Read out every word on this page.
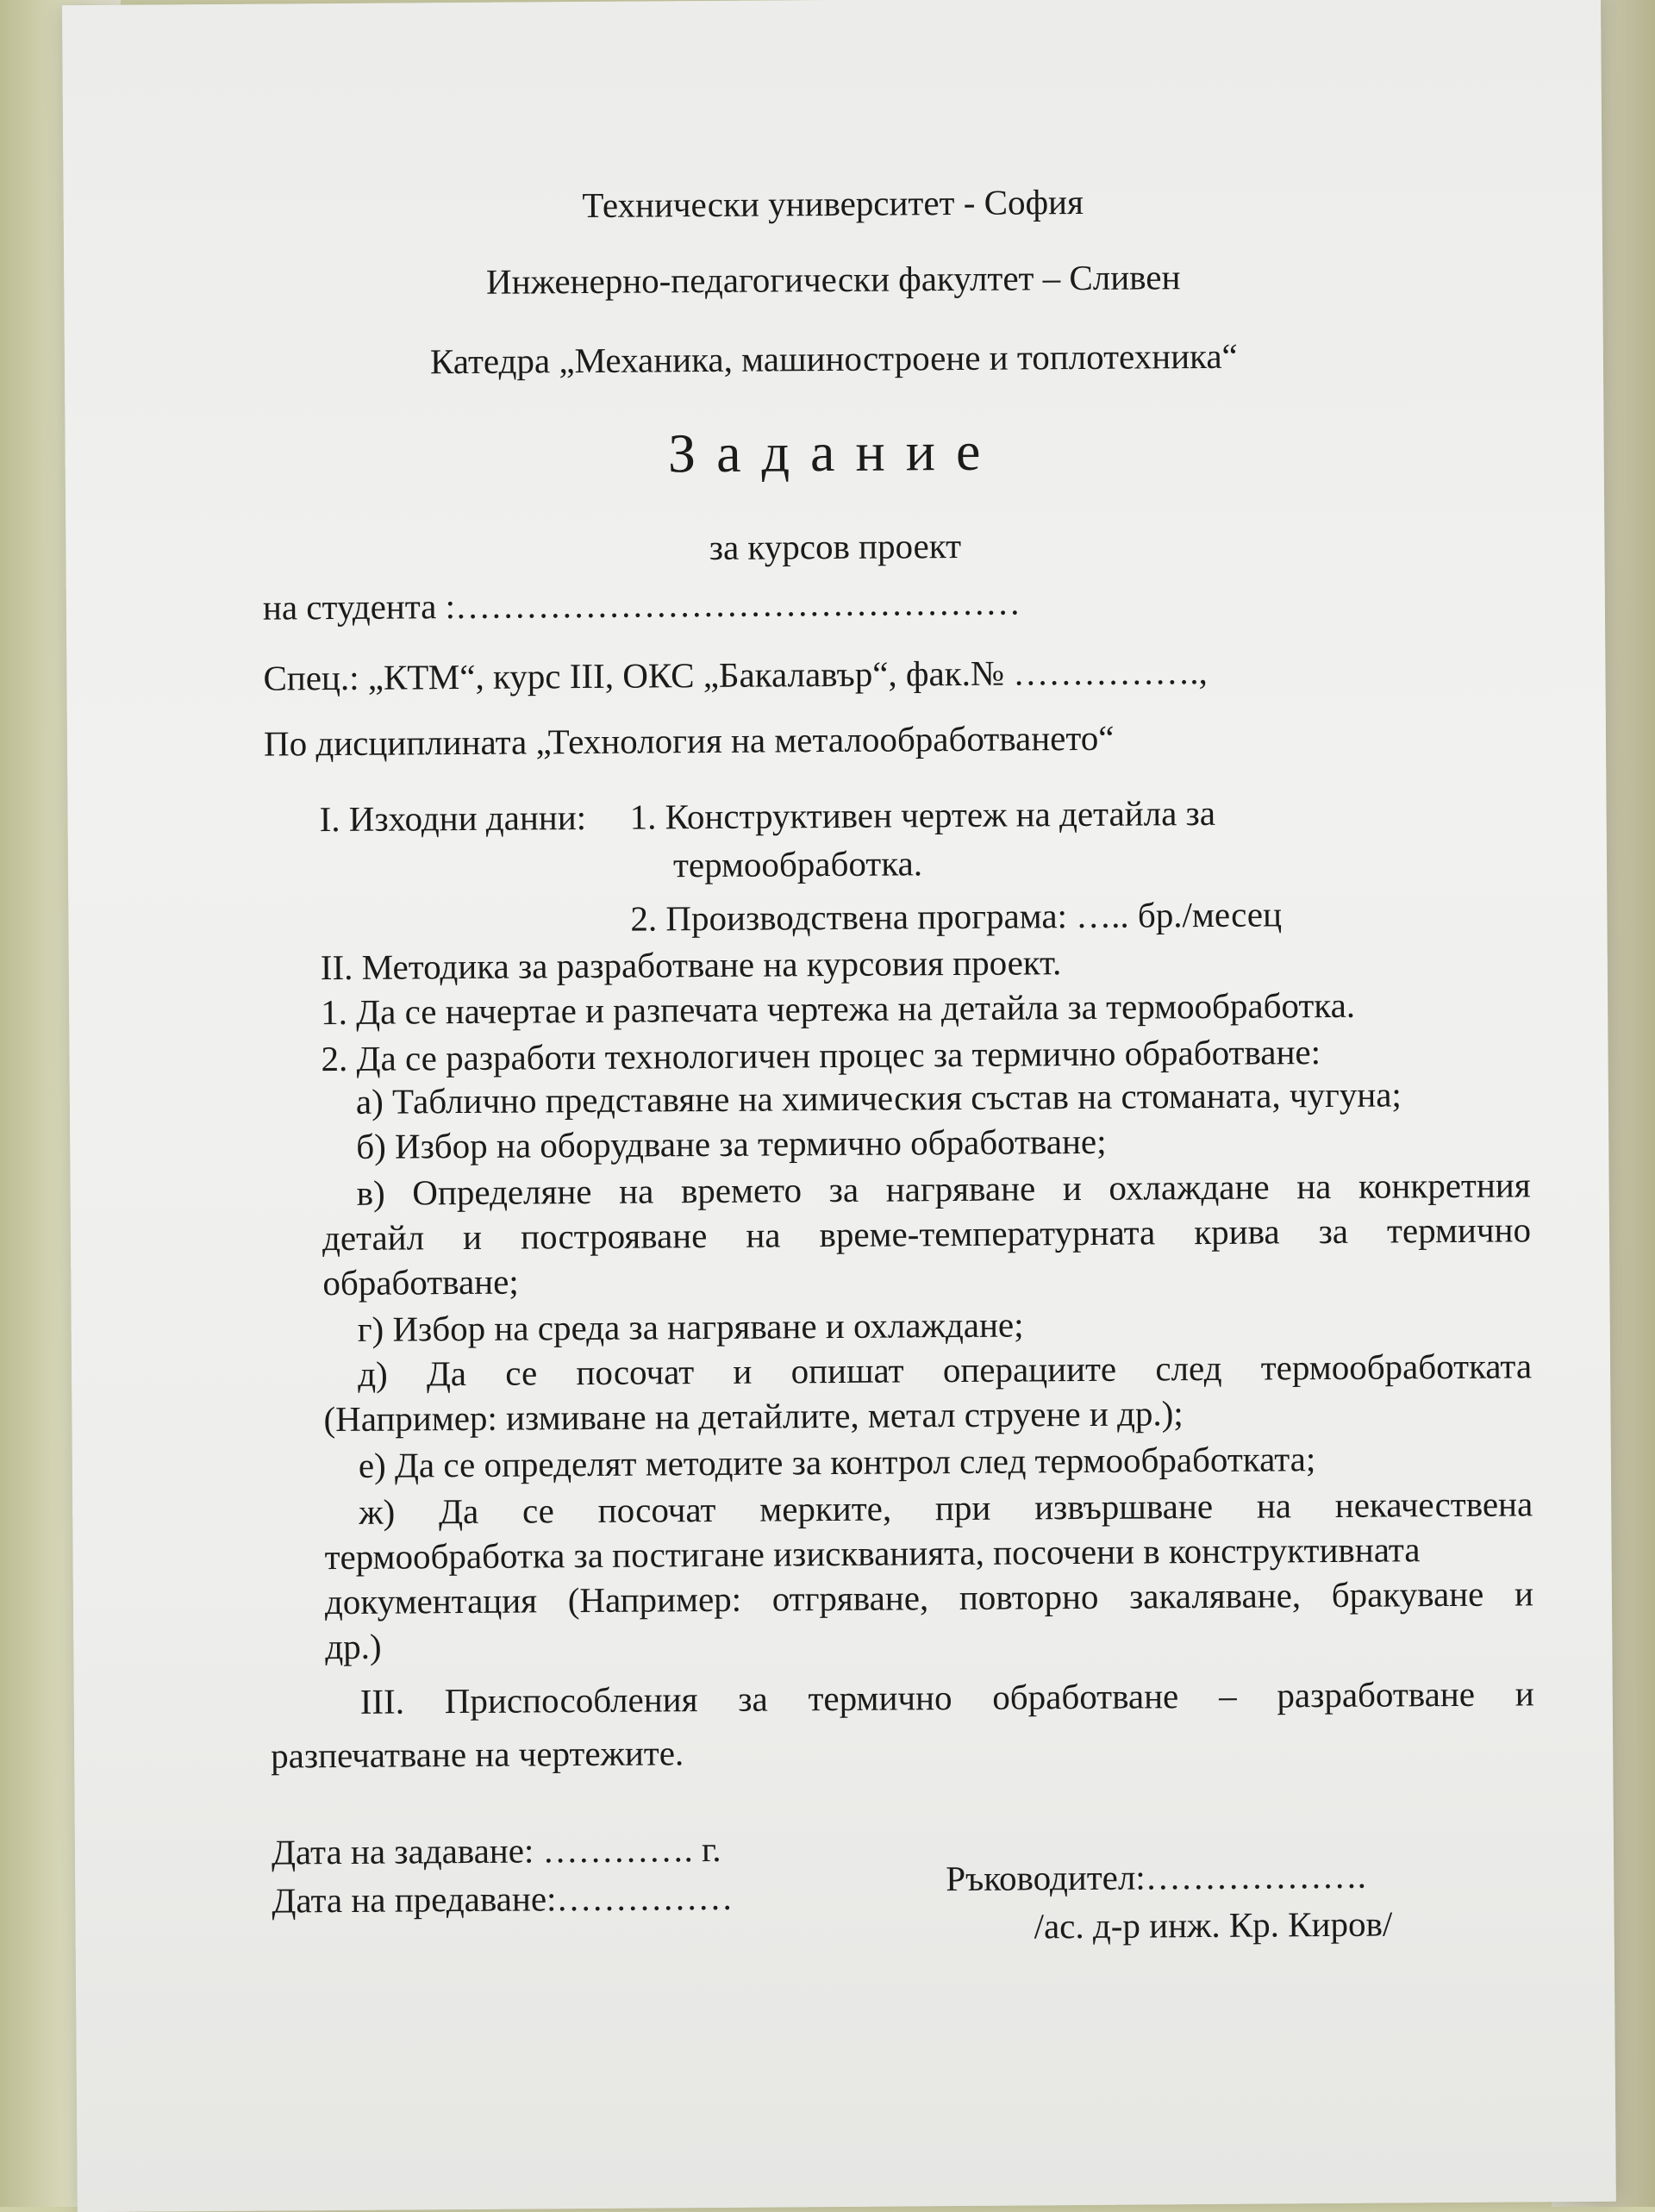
Технически университет - София
Инженерно-педагогически факултет – Сливен
Катедра „Механика, машиностроене и топлотехника“
Задание
за курсов проект
на студента :…………………………………………
Спец.: „КТМ“, курс III, ОКС „Бакалавър“, фак.№ …………….,
По дисциплината „Технология на металообработването“
I. Изходни данни: 1. Конструктивен чертеж на детайла за
термообработка.
2. Производствена програма: ….. бр./месец
II. Методика за разработване на курсовия проект.
1. Да се начертае и разпечата чертежа на детайла за термообработка.
2. Да се разработи технологичен процес за термично обработване:
а) Таблично представяне на химическия състав на стоманата, чугуна;
б) Избор на оборудване за термично обработване;
в) Определяне на времето за нагряване и охлаждане на конкретния
детайл и построяване на време-температурната крива за термично
обработване;
г) Избор на среда за нагряване и охлаждане;
д) Да се посочат и опишат операциите след термообработката
(Например: измиване на детайлите, метал струене и др.);
е) Да се определят методите за контрол след термообработката;
ж) Да се посочат мерките, при извършване на некачествена
термообработка за постигане изискванията, посочени в конструктивната
документация (Например: отгряване, повторно закаляване, бракуване и
др.)
III. Приспособления за термично обработване – разработване и
разпечатване на чертежите.
Дата на задаване: …………. г.
Дата на предаване:……………
Ръководител:……………….
/ас. д-р инж. Кр. Киров/
